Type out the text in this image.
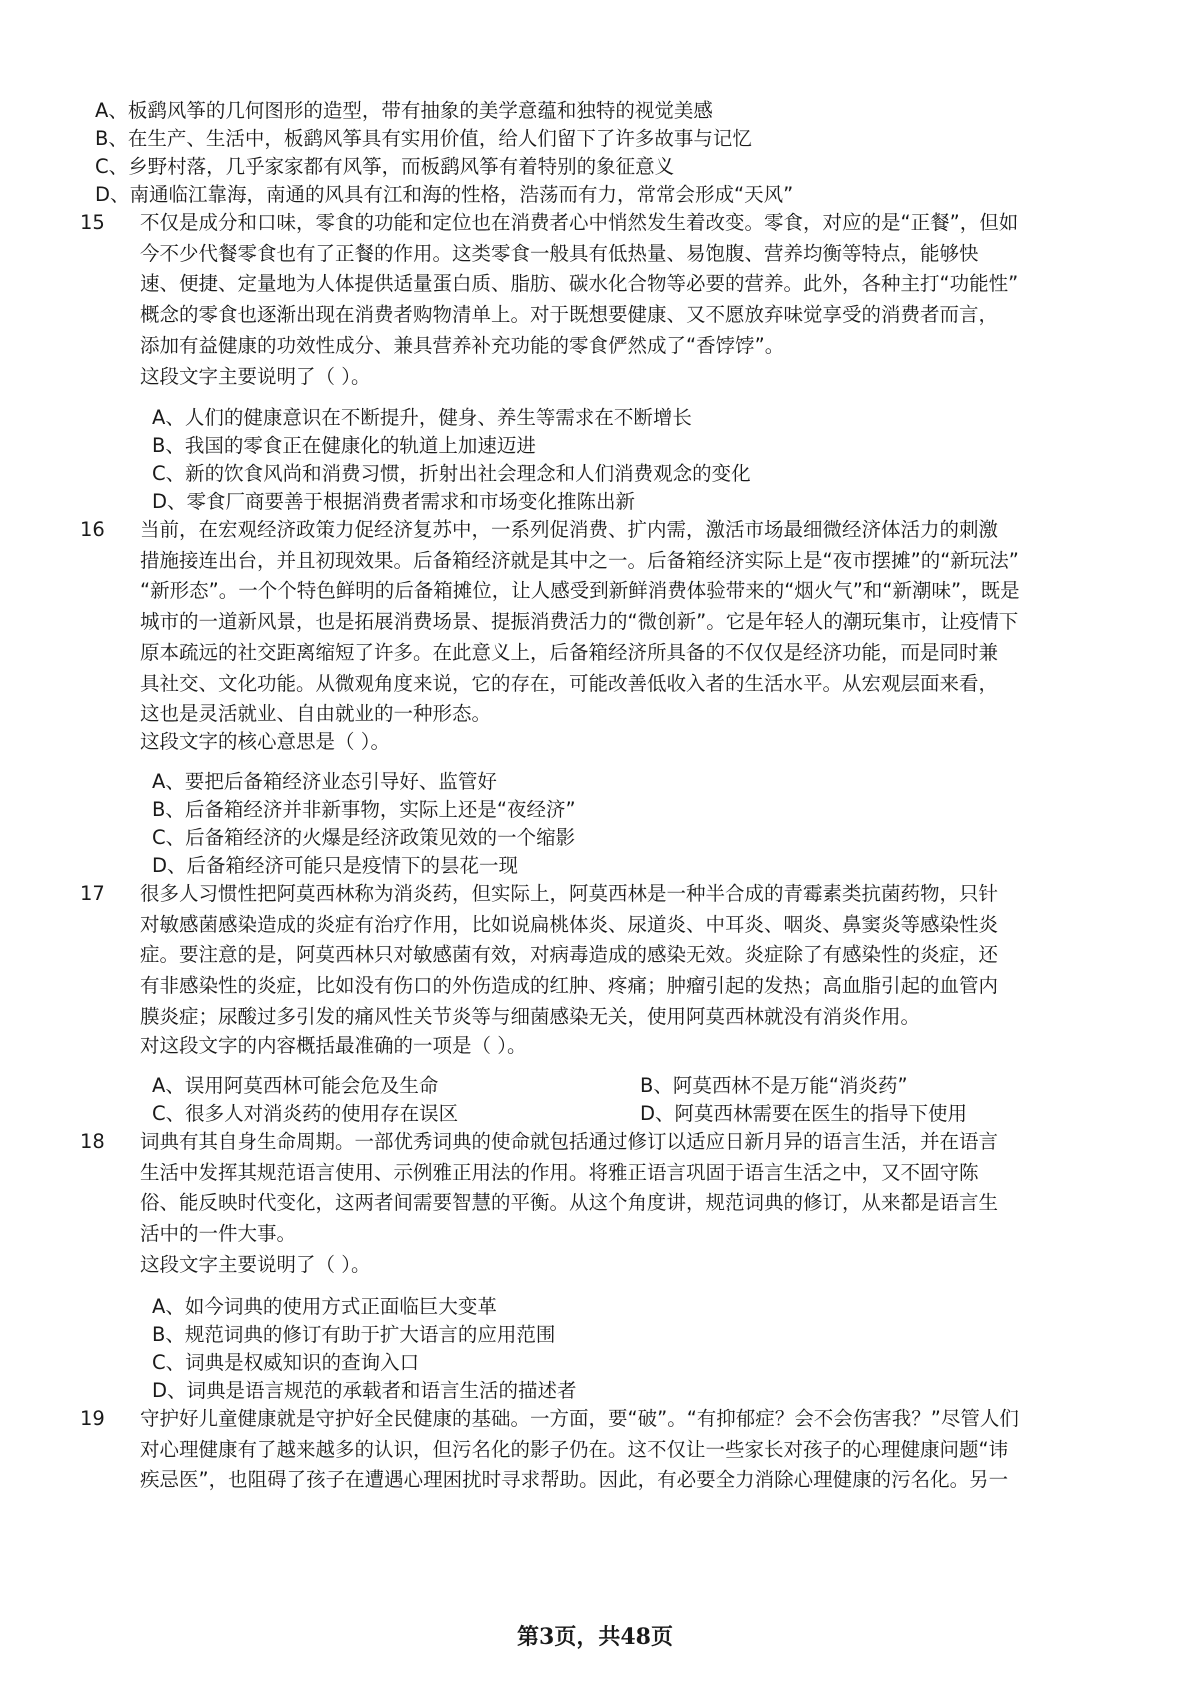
A、板鹞风筝的几何图形的造型，带有抽象的美学意蕴和独特的视觉美感
B、在生产、生活中，板鹞风筝具有实用价值，给人们留下了许多故事与记忆
C、乡野村落，几乎家家都有风筝，而板鹞风筝有着特别的象征意义
D、南通临江靠海，南通的风具有江和海的性格，浩荡而有力，常常会形成“天风”
15 不仅是成分和口味，零食的功能和定位也在消费者心中悄然发生着改变。零食，对应的是“正餐”，但如
今不少代餐零食也有了正餐的作用。这类零食一般具有低热量、易饱腹、营养均衡等特点，能够快
速、便捷、定量地为人体提供适量蛋白质、脂肪、碳水化合物等必要的营养。此外，各种主打“功能性”
概念的零食也逐渐出现在消费者购物清单上。对于既想要健康、又不愿放弃味觉享受的消费者而言，
添加有益健康的功效性成分、兼具营养补充功能的零食俨然成了“香饽饽”。
这段文字主要说明了（ ）。
A、人们的健康意识在不断提升，健身、养生等需求在不断增长
B、我国的零食正在健康化的轨道上加速迈进
C、新的饮食风尚和消费习惯，折射出社会理念和人们消费观念的变化
D、零食厂商要善于根据消费者需求和市场变化推陈出新
16 当前，在宏观经济政策力促经济复苏中，一系列促消费、扩内需，激活市场最细微经济体活力的刺激
措施接连出台，并且初现效果。后备箱经济就是其中之一。后备箱经济实际上是“夜市摆摊”的“新玩法”
“新形态”。一个个特色鲜明的后备箱摊位，让人感受到新鲜消费体验带来的“烟火气”和“新潮味”，既是
城市的一道新风景，也是拓展消费场景、提振消费活力的“微创新”。它是年轻人的潮玩集市，让疫情下
原本疏远的社交距离缩短了许多。在此意义上，后备箱经济所具备的不仅仅是经济功能，而是同时兼
具社交、文化功能。从微观角度来说，它的存在，可能改善低收入者的生活水平。从宏观层面来看，
这也是灵活就业、自由就业的一种形态。
这段文字的核心意思是（ ）。
A、要把后备箱经济业态引导好、监管好
B、后备箱经济并非新事物，实际上还是“夜经济”
C、后备箱经济的火爆是经济政策见效的一个缩影
D、后备箱经济可能只是疫情下的昙花一现
17 很多人习惯性把阿莫西林称为消炎药，但实际上，阿莫西林是一种半合成的青霉素类抗菌药物，只针
对敏感菌感染造成的炎症有治疗作用，比如说扁桃体炎、尿道炎、中耳炎、咽炎、鼻窦炎等感染性炎
症。要注意的是，阿莫西林只对敏感菌有效，对病毒造成的感染无效。炎症除了有感染性的炎症，还
有非感染性的炎症，比如没有伤口的外伤造成的红肿、疼痛；肿瘤引起的发热；高血脂引起的血管内
膜炎症；尿酸过多引发的痛风性关节炎等与细菌感染无关，使用阿莫西林就没有消炎作用。
对这段文字的内容概括最准确的一项是（ ）。
A、误用阿莫西林可能会危及生命	B、阿莫西林不是万能“消炎药”
C、很多人对消炎药的使用存在误区	D、阿莫西林需要在医生的指导下使用
18 词典有其自身生命周期。一部优秀词典的使命就包括通过修订以适应日新月异的语言生活，并在语言
生活中发挥其规范语言使用、示例雅正用法的作用。将雅正语言巩固于语言生活之中，又不固守陈
俗、能反映时代变化，这两者间需要智慧的平衡。从这个角度讲，规范词典的修订，从来都是语言生
活中的一件大事。
这段文字主要说明了（ ）。
A、如今词典的使用方式正面临巨大变革
B、规范词典的修订有助于扩大语言的应用范围
C、词典是权威知识的查询入口
D、词典是语言规范的承载者和语言生活的描述者
19 守护好儿童健康就是守护好全民健康的基础。一方面，要“破”。“有抑郁症？会不会伤害我？”尽管人们
对心理健康有了越来越多的认识，但污名化的影子仍在。这不仅让一些家长对孩子的心理健康问题“讳
疾忌医”，也阻碍了孩子在遭遇心理困扰时寻求帮助。因此，有必要全力消除心理健康的污名化。另一
第3页，共48页
